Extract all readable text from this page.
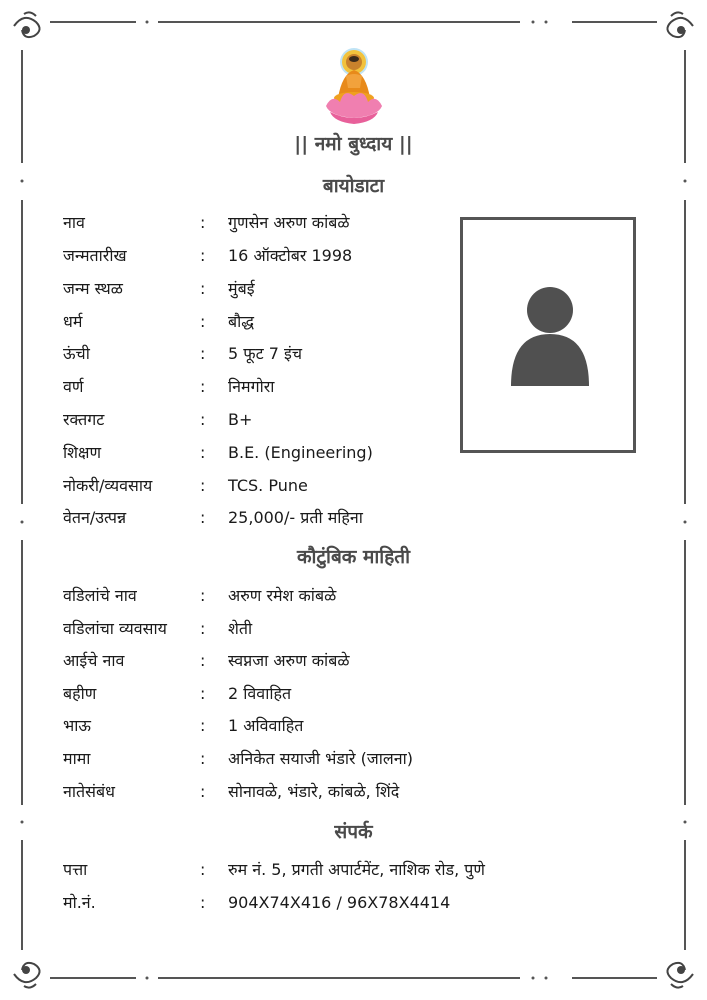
|| नमो बुध्दाय ||
बायोडाटा
नाव	: गुणसेन अरुण कांबळे
जन्मतारीख	: 16 ऑक्टोबर 1998
जन्म स्थळ	: मुंबई
धर्म	: बौद्ध
ऊंची	: 5 फूट 7 इंच
वर्ण	: निमगोरा
रक्तगट	: B+
शिक्षण	: B.E. (Engineering)
नोकरी/व्यवसाय	: TCS. Pune
वेतन/उत्पन्न	: 25,000/- प्रती महिना
कौटुंबिक माहिती
वडिलांचे नाव	: अरुण रमेश कांबळे
वडिलांचा व्यवसाय : शेती
आईचे नाव	: स्वप्नजा अरुण कांबळे
बहीण	: 2 विवाहित
भाऊ	: 1 अविवाहित
मामा	: अनिकेत सयाजी भंडारे (जालना)
नातेसंबंध	: सोनावळे, भंडारे, कांबळे, शिंदे
संपर्क
पत्ता	: रुम नं. 5, प्रगती अपार्टमेंट, नाशिक रोड, पुणे
मो.नं.	: 904X74X416 / 96X78X4414
